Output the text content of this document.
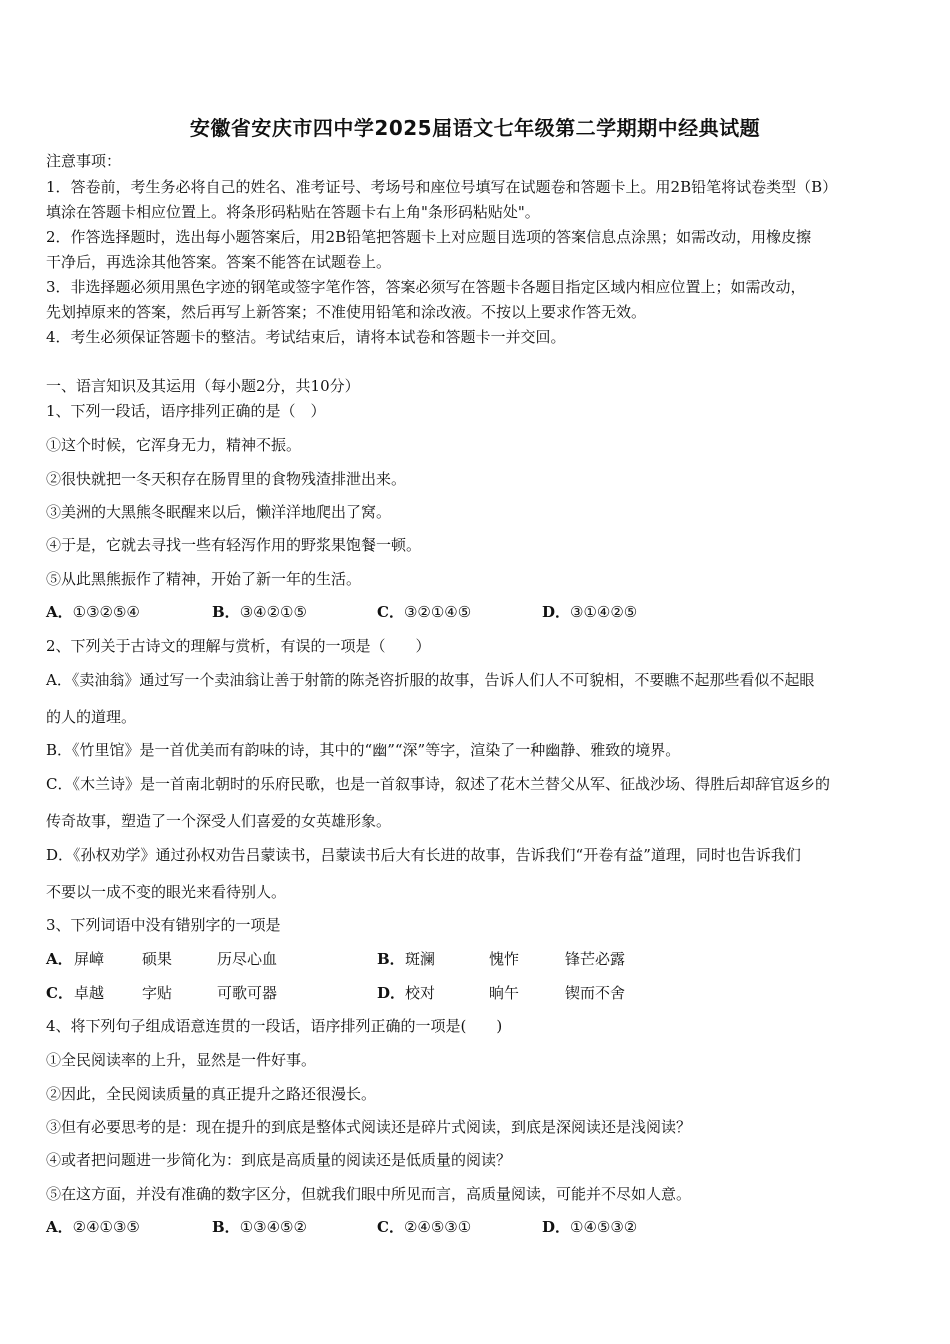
安徽省安庆市四中学2025届语文七年级第二学期期中经典试题
注意事项：
1．答卷前，考生务必将自己的姓名、准考证号、考场号和座位号填写在试题卷和答题卡上。用2B铅笔将试卷类型（B）
填涂在答题卡相应位置上。将条形码粘贴在答题卡右上角"条形码粘贴处"。
2．作答选择题时，选出每小题答案后，用2B铅笔把答题卡上对应题目选项的答案信息点涂黑；如需改动，用橡皮擦
干净后，再选涂其他答案。答案不能答在试题卷上。
3．非选择题必须用黑色字迹的钢笔或签字笔作答，答案必须写在答题卡各题目指定区域内相应位置上；如需改动，
先划掉原来的答案，然后再写上新答案；不准使用铅笔和涂改液。不按以上要求作答无效。
4．考生必须保证答题卡的整洁。考试结束后，请将本试卷和答题卡一并交回。
一、语言知识及其运用（每小题2分，共10分）
1、下列一段话，语序排列正确的是（　）
①这个时候，它浑身无力，精神不振。
②很快就把一冬天积存在肠胃里的食物残渣排泄出来。
③美洲的大黑熊冬眠醒来以后，懒洋洋地爬出了窝。
④于是，它就去寻找一些有轻泻作用的野浆果饱餐一顿。
⑤从此黑熊振作了精神，开始了新一年的生活。
A．①③②⑤④	B．③④②①⑤	C．③②①④⑤	D．③①④②⑤
2、下列关于古诗文的理解与赏析，有误的一项是（　　）
A．《卖油翁》通过写一个卖油翁让善于射箭的陈尧咨折服的故事，告诉人们人不可貌相，不要瞧不起那些看似不起眼
的人的道理。
B．《竹里馆》是一首优美而有韵味的诗，其中的“幽”“深”等字，渲染了一种幽静、雅致的境界。
C．《木兰诗》是一首南北朝时的乐府民歌，也是一首叙事诗，叙述了花木兰替父从军、征战沙场、得胜后却辞官返乡的
传奇故事，塑造了一个深受人们喜爱的女英雄形象。
D．《孙权劝学》通过孙权劝告吕蒙读书，吕蒙读书后大有长进的故事，告诉我们“开卷有益”道理，同时也告诉我们
不要以一成不变的眼光来看待别人。
3、下列词语中没有错别字的一项是
A． 屏嶂	硕果	历尽心血	B． 斑澜	愧怍	锋芒必露
C． 卓越	字贴	可歌可器	D． 校对	晌午	锲而不舍
4、将下列句子组成语意连贯的一段话，语序排列正确的一项是(　　)
①全民阅读率的上升，显然是一件好事。
②因此，全民阅读质量的真正提升之路还很漫长。
③但有必要思考的是：现在提升的到底是整体式阅读还是碎片式阅读，到底是深阅读还是浅阅读？
④或者把问题进一步简化为：到底是高质量的阅读还是低质量的阅读？
⑤在这方面，并没有准确的数字区分，但就我们眼中所见而言，高质量阅读，可能并不尽如人意。
A．②④①③⑤	B．①③④⑤②	C．②④⑤③①	D．①④⑤③②
